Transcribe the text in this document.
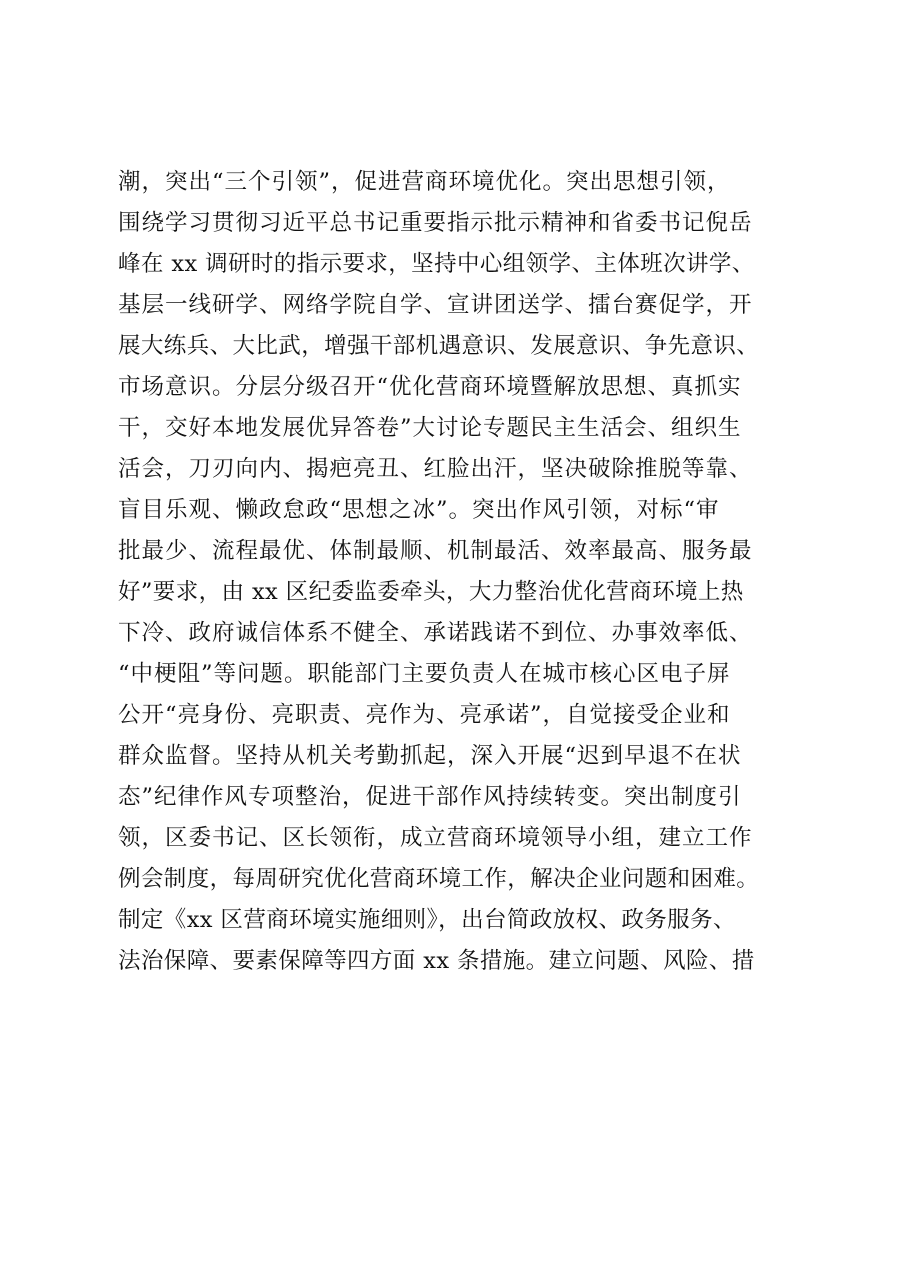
潮，突出“三个引领”，促进营商环境优化。突出思想引领，
围绕学习贯彻习近平总书记重要指示批示精神和省委书记倪岳
峰在 xx 调研时的指示要求，坚持中心组领学、主体班次讲学、
基层一线研学、网络学院自学、宣讲团送学、擂台赛促学，开
展大练兵、大比武，增强干部机遇意识、发展意识、争先意识、
市场意识。分层分级召开“优化营商环境暨解放思想、真抓实
干，交好本地发展优异答卷”大讨论专题民主生活会、组织生
活会，刀刃向内、揭疤亮丑、红脸出汗，坚决破除推脱等靠、
盲目乐观、懒政怠政“思想之冰”。突出作风引领，对标“审
批最少、流程最优、体制最顺、机制最活、效率最高、服务最
好”要求，由 xx 区纪委监委牵头，大力整治优化营商环境上热
下冷、政府诚信体系不健全、承诺践诺不到位、办事效率低、
“中梗阻”等问题。职能部门主要负责人在城市核心区电子屏
公开“亮身份、亮职责、亮作为、亮承诺”，自觉接受企业和
群众监督。坚持从机关考勤抓起，深入开展“迟到早退不在状
态”纪律作风专项整治，促进干部作风持续转变。突出制度引
领，区委书记、区长领衔，成立营商环境领导小组，建立工作
例会制度，每周研究优化营商环境工作，解决企业问题和困难。
制定《xx 区营商环境实施细则》，出台简政放权、政务服务、
法治保障、要素保障等四方面 xx 条措施。建立问题、风险、措
